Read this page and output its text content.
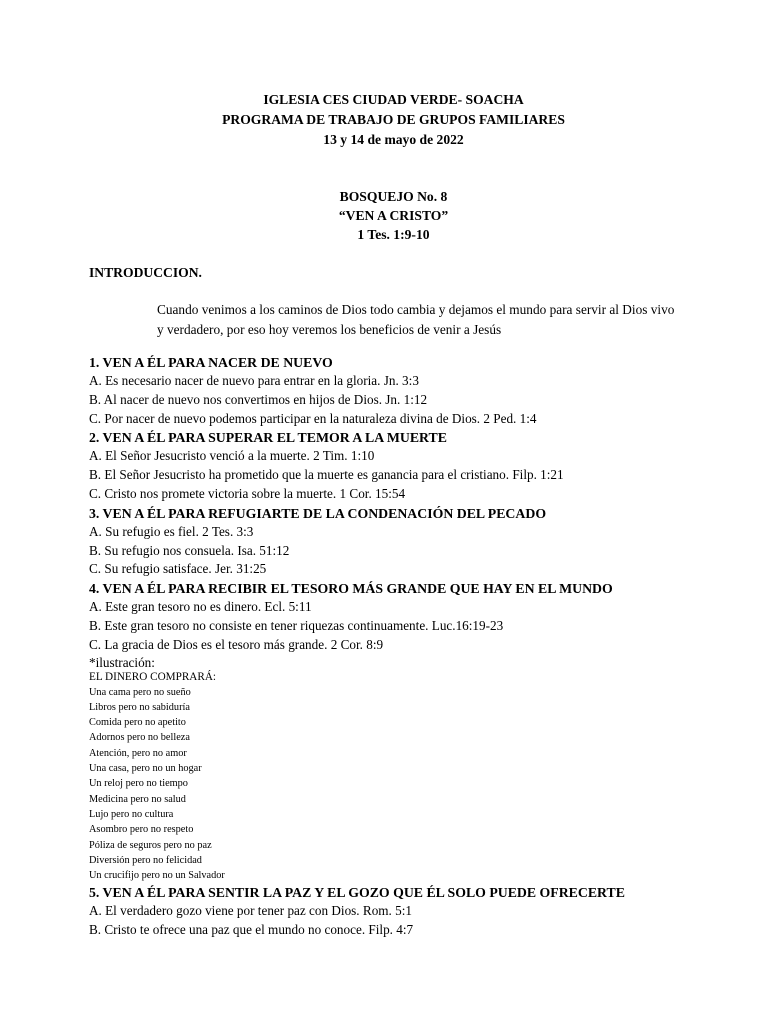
IGLESIA CES CIUDAD VERDE- SOACHA
PROGRAMA DE TRABAJO DE GRUPOS FAMILIARES
13 y 14 de mayo de 2022
BOSQUEJO No. 8
“VEN A CRISTO”
1 Tes. 1:9-10
INTRODUCCION.
Cuando venimos a los caminos de Dios todo cambia y dejamos el mundo para servir al Dios vivo y verdadero, por eso hoy veremos los beneficios de venir a Jesús
1. VEN A ÉL PARA NACER DE NUEVO
A. Es necesario nacer de nuevo para entrar en la gloria. Jn. 3:3
B. Al nacer de nuevo nos convertimos en hijos de Dios. Jn. 1:12
C. Por nacer de nuevo podemos participar en la naturaleza divina de Dios. 2 Ped. 1:4
2. VEN A ÉL PARA SUPERAR EL TEMOR A LA MUERTE
A. El Señor Jesucristo venció a la muerte. 2 Tim. 1:10
B. El Señor Jesucristo ha prometido que la muerte es ganancia para el cristiano. Filp. 1:21
C. Cristo nos promete victoria sobre la muerte. 1 Cor. 15:54
3. VEN A ÉL PARA REFUGIARTE DE LA CONDENACIÓN DEL PECADO
A. Su refugio es fiel. 2 Tes. 3:3
B. Su refugio nos consuela. Isa. 51:12
C. Su refugio satisface. Jer. 31:25
4. VEN A ÉL PARA RECIBIR EL TESORO MÁS GRANDE QUE HAY EN EL MUNDO
A. Este gran tesoro no es dinero. Ecl. 5:11
B. Este gran tesoro no consiste en tener riquezas continuamente. Luc.16:19-23
C. La gracia de Dios es el tesoro más grande. 2 Cor. 8:9
*ilustración:
EL DINERO COMPRARÁ:
Una cama pero no sueño
Libros pero no sabiduría
Comida pero no apetito
Adornos pero no belleza
Atención, pero no amor
Una casa, pero no un hogar
Un reloj pero no tiempo
Medicina pero no salud
Lujo pero no cultura
Asombro pero no respeto
Póliza de seguros pero no paz
Diversión pero no felicidad
Un crucifijo pero no un Salvador
5. VEN A ÉL PARA SENTIR LA PAZ Y EL GOZO QUE ÉL SOLO PUEDE OFRECERTE
A. El verdadero gozo viene por tener paz con Dios. Rom. 5:1
B. Cristo te ofrece una paz que el mundo no conoce. Filp. 4:7
